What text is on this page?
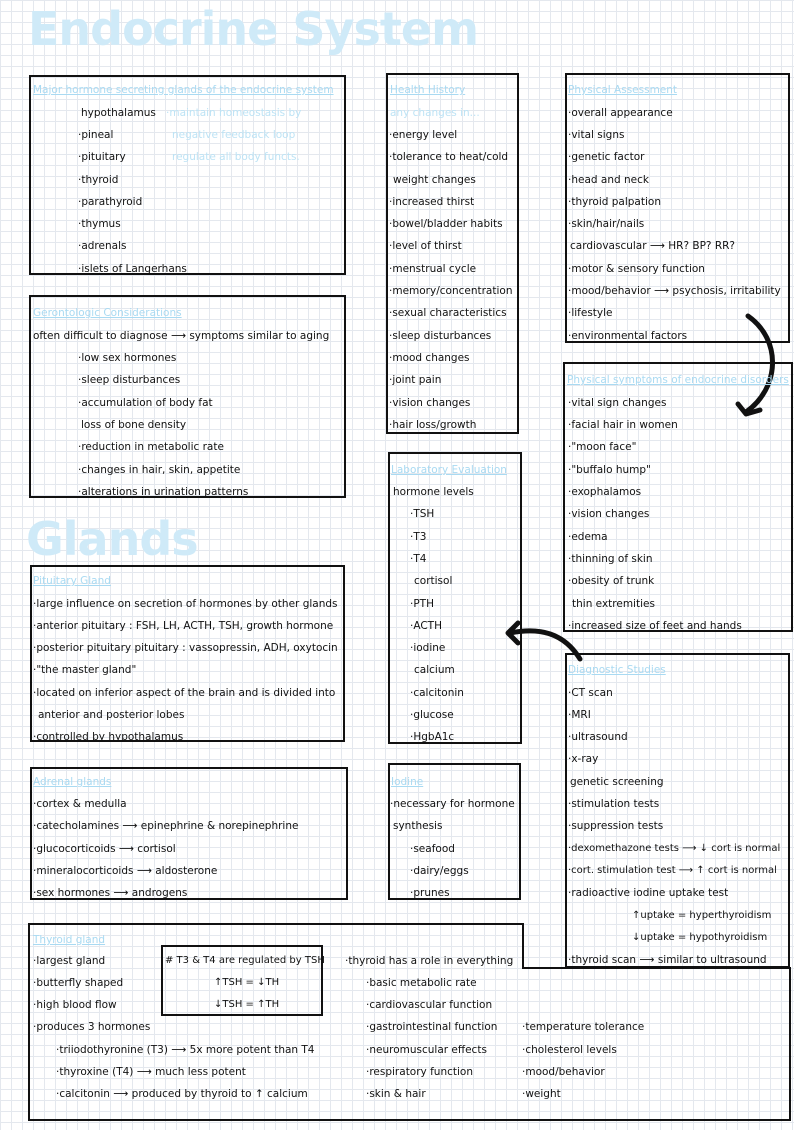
Endocrine System
Glands
Major hormone secreting glands of the endocrine system
hypothalamus
·pineal
·pituitary
·thyroid
·parathyroid
·thymus
·adrenals
·islets of Langerhans
·maintain homeostasis by
negative feedback loop
regulate all body functs.
Gerontologic Considerations
often difficult to diagnose ⟶ symptoms similar to aging
·low sex hormones
·sleep disturbances
·accumulation of body fat
loss of bone density
·reduction in metabolic rate
·changes in hair, skin, appetite
·alterations in urination patterns
Health History
any changes in...
·energy level
·tolerance to heat/cold
weight changes
·increased thirst
·bowel/bladder habits
·level of thirst
·menstrual cycle
·memory/concentration
·sexual characteristics
·sleep disturbances
·mood changes
·joint pain
·vision changes
·hair loss/growth
Physical Assessment
·overall appearance
·vital signs
·genetic factor
·head and neck
·thyroid palpation
·skin/hair/nails
cardiovascular ⟶ HR? BP? RR?
·motor & sensory function
·mood/behavior ⟶ psychosis, irritability
·lifestyle
·environmental factors
Physical symptoms of endocrine disorders
·vital sign changes
·facial hair in women
·"moon face"
·"buffalo hump"
·exophalamos
·vision changes
·edema
·thinning of skin
·obesity of trunk
thin extremities
·increased size of feet and hands
Laboratory Evaluation
hormone levels
·TSH
·T3
·T4
cortisol
·PTH
·ACTH
·iodine
calcium
·calcitonin
·glucose
·HgbA1c
Pituitary Gland
·large influence on secretion of hormones by other glands
·anterior pituitary : FSH, LH, ACTH, TSH, growth hormone
·posterior pituitary pituitary : vassopressin, ADH, oxytocin
·"the master gland"
·located on inferior aspect of the brain and is divided into
anterior and posterior lobes
·controlled by hypothalamus
Diagnostic Studies
·CT scan
·MRI
·ultrasound
·x-ray
genetic screening
·stimulation tests
·suppression tests
·dexomethazone tests ⟶ ↓ cort is normal
·cort. stimulation test ⟶ ↑ cort is normal
·radioactive iodine uptake test
↑uptake = hyperthyroidism
↓uptake = hypothyroidism
·thyroid scan ⟶ similar to ultrasound
Adrenal glands
·cortex & medulla
·catecholamines ⟶ epinephrine & norepinephrine
·glucocorticoids ⟶ cortisol
·mineralocorticoids ⟶ aldosterone
·sex hormones ⟶ androgens
Iodine
·necessary for hormone
synthesis
·seafood
·dairy/eggs
·prunes
Thyroid gland
·largest gland
·butterfly shaped
·high blood flow
·produces 3 hormones
·triiodothyronine (T3) ⟶ 5x more potent than T4
·thyroxine (T4) ⟶ much less potent
·calcitonin ⟶ produced by thyroid to ↑ calcium
# T3 & T4 are regulated by TSH
↑TSH = ↓TH
↓TSH = ↑TH
·thyroid has a role in everything
·basic metabolic rate
·cardiovascular function
·gastrointestinal function
·neuromuscular effects
·respiratory function
·skin & hair
·temperature tolerance
·cholesterol levels
·mood/behavior
·weight
